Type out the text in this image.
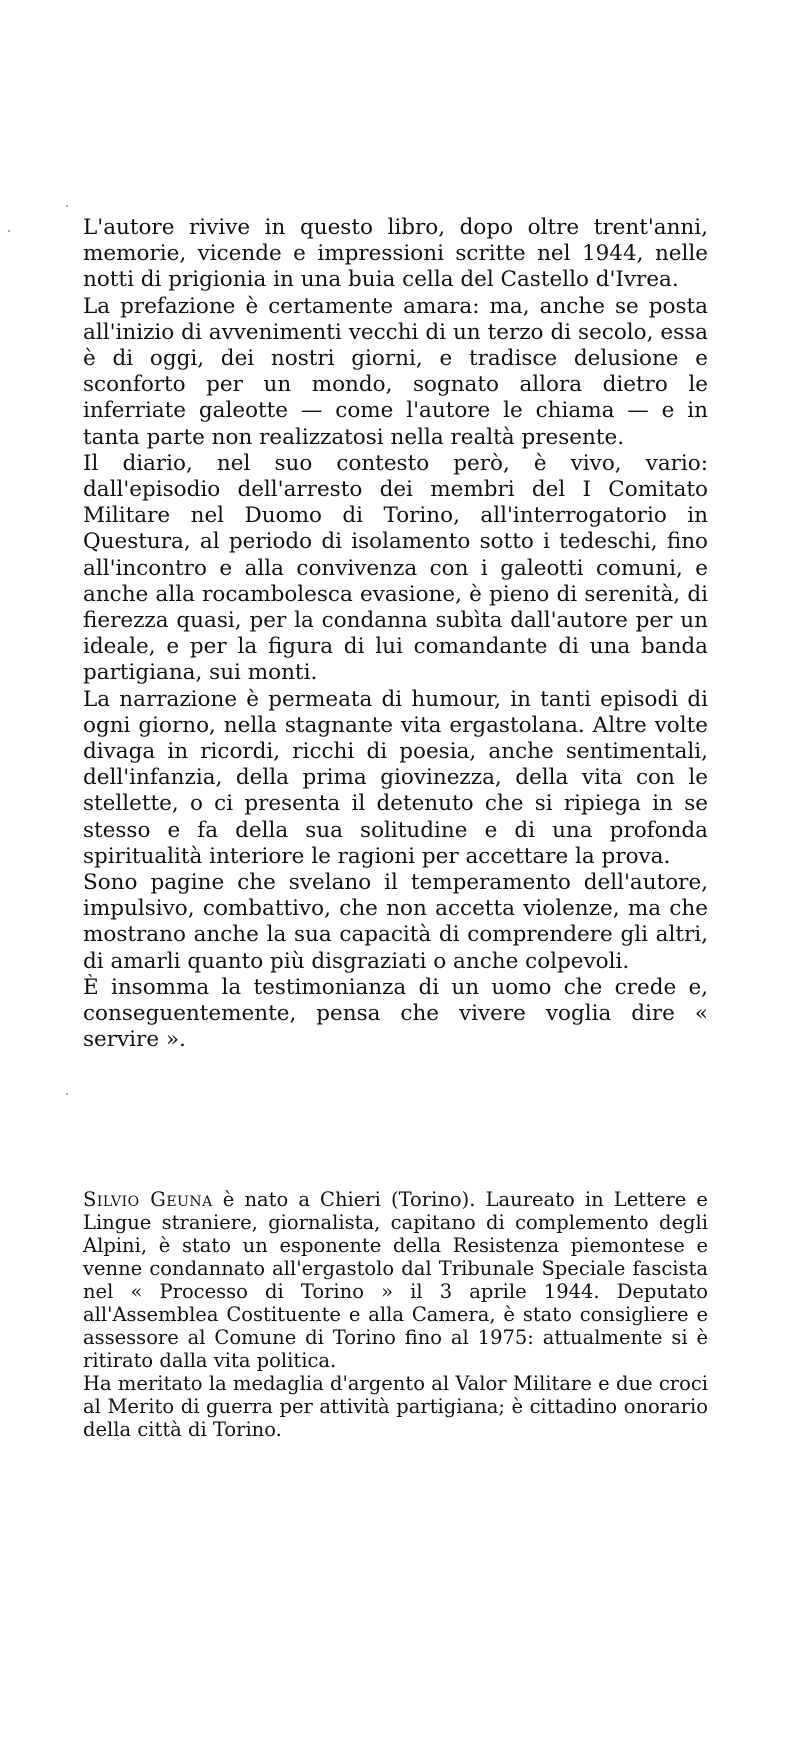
L'autore rivive in questo libro, dopo oltre trent'anni, memorie, vicende e impressioni scritte nel 1944, nelle notti di prigionia in una buia cella del Castello d'Ivrea.

La prefazione è certamente amara: ma, anche se posta all'inizio di avvenimenti vecchi di un terzo di secolo, essa è di oggi, dei nostri giorni, e tradisce delusione e sconforto per un mondo, sognato allora dietro le inferriate galeotte — come l'autore le chiama — e in tanta parte non realizzatosi nella realtà presente.

Il diario, nel suo contesto però, è vivo, vario: dall'episodio dell'arresto dei membri del I Comitato Militare nel Duomo di Torino, all'interrogatorio in Questura, al periodo di isolamento sotto i tedeschi, fino all'incontro e alla convivenza con i galeotti comuni, e anche alla rocambolesca evasione, è pieno di serenità, di fierezza quasi, per la condanna subìta dall'autore per un ideale, e per la figura di lui comandante di una banda partigiana, sui monti.

La narrazione è permeata di humour, in tanti episodi di ogni giorno, nella stagnante vita ergastolana. Altre volte divaga in ricordi, ricchi di poesia, anche sentimentali, dell'infanzia, della prima giovinezza, della vita con le stellette, o ci presenta il detenuto che si ripiega in se stesso e fa della sua solitudine e di una profonda spiritualità interiore le ragioni per accettare la prova.

Sono pagine che svelano il temperamento dell'autore, impulsivo, combattivo, che non accetta violenze, ma che mostrano anche la sua capacità di comprendere gli altri, di amarli quanto più disgraziati o anche colpevoli.

È insomma la testimonianza di un uomo che crede e, conseguentemente, pensa che vivere voglia dire « servire ».

Silvio Geuna è nato a Chieri (Torino). Laureato in Lettere e Lingue straniere, giornalista, capitano di complemento degli Alpini, è stato un esponente della Resistenza piemontese e venne condannato all'ergastolo dal Tribunale Speciale fascista nel « Processo di Torino » il 3 aprile 1944. Deputato all'Assemblea Costituente e alla Camera, è stato consigliere e assessore al Comune di Torino fino al 1975: attualmente si è ritirato dalla vita politica.

Ha meritato la medaglia d'argento al Valor Militare e due croci al Merito di guerra per attività partigiana; è cittadino onorario della città di Torino.
